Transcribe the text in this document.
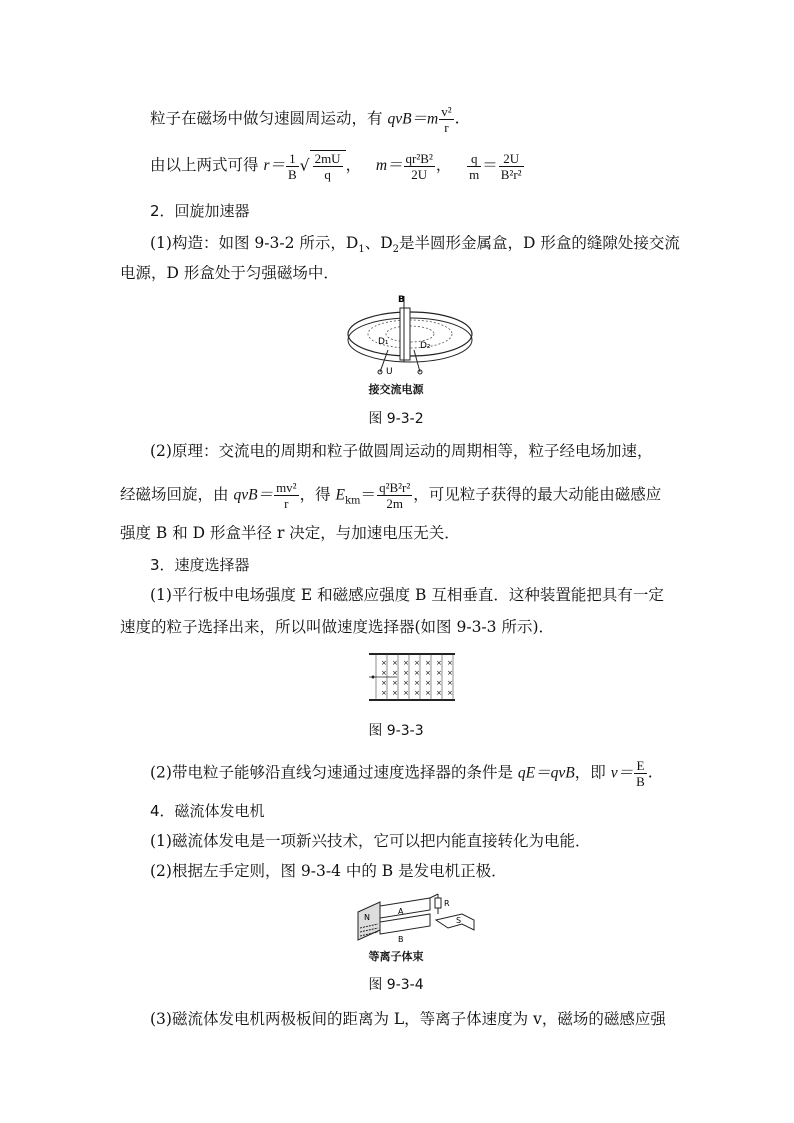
粒子在磁场中做匀速圆周运动，有 $qvB=m \frac{\text{v²}}{r}$ .
由以上两式可得 $r= \frac{1}{B}$ √ $\frac{2mU}{q}$ ，   $m= \frac{\text{qr²B²}}{2U}$ ， $\frac{q}{m} = \frac{2U}{\text{B²r²}}$
2．回旋加速器
(1)构造：如图 9-3-2 所示，$D_1$、$D_2$是半圆形金属盒，D 形盒的缝隙处接交流
电源，D 形盒处于匀强磁场中．
B
D₁	D₂
U
接交流电源
图 9-3-2
(2)原理：交流电的周期和粒子做圆周运动的周期相等，粒子经电场加速，
经磁场回旋，由 $qvB= \frac{\text{mv²}}{r}$ ，得 $E_{km}= \frac{\text{q²B²r²}}{2m}$ ，可见粒子获得的最大动能由磁感应
强度 B 和 D 形盒半径 r 决定，与加速电压无关．
3．速度选择器
(1)平行板中电场强度 E 和磁感应强度 B 互相垂直．这种装置能把具有一定
速度的粒子选择出来，所以叫做速度选择器(如图 9-3-3 所示)．
× × × × × × ×
× × × × × × ×
× × × × × × ×
× × × × × × ×
图 9-3-3
(2)带电粒子能够沿直线匀速通过速度选择器的条件是 qE＝qvB，即 $v= \frac{E}{B}$ .
4．磁流体发电机
(1)磁流体发电是一项新兴技术，它可以把内能直接转化为电能．
(2)根据左手定则，图 9-3-4 中的 B 是发电机正极．
N
A
B
R
S
等离子体束
图 9-3-4
(3)磁流体发电机两极板间的距离为 L，等离子体速度为 v，磁场的磁感应强
